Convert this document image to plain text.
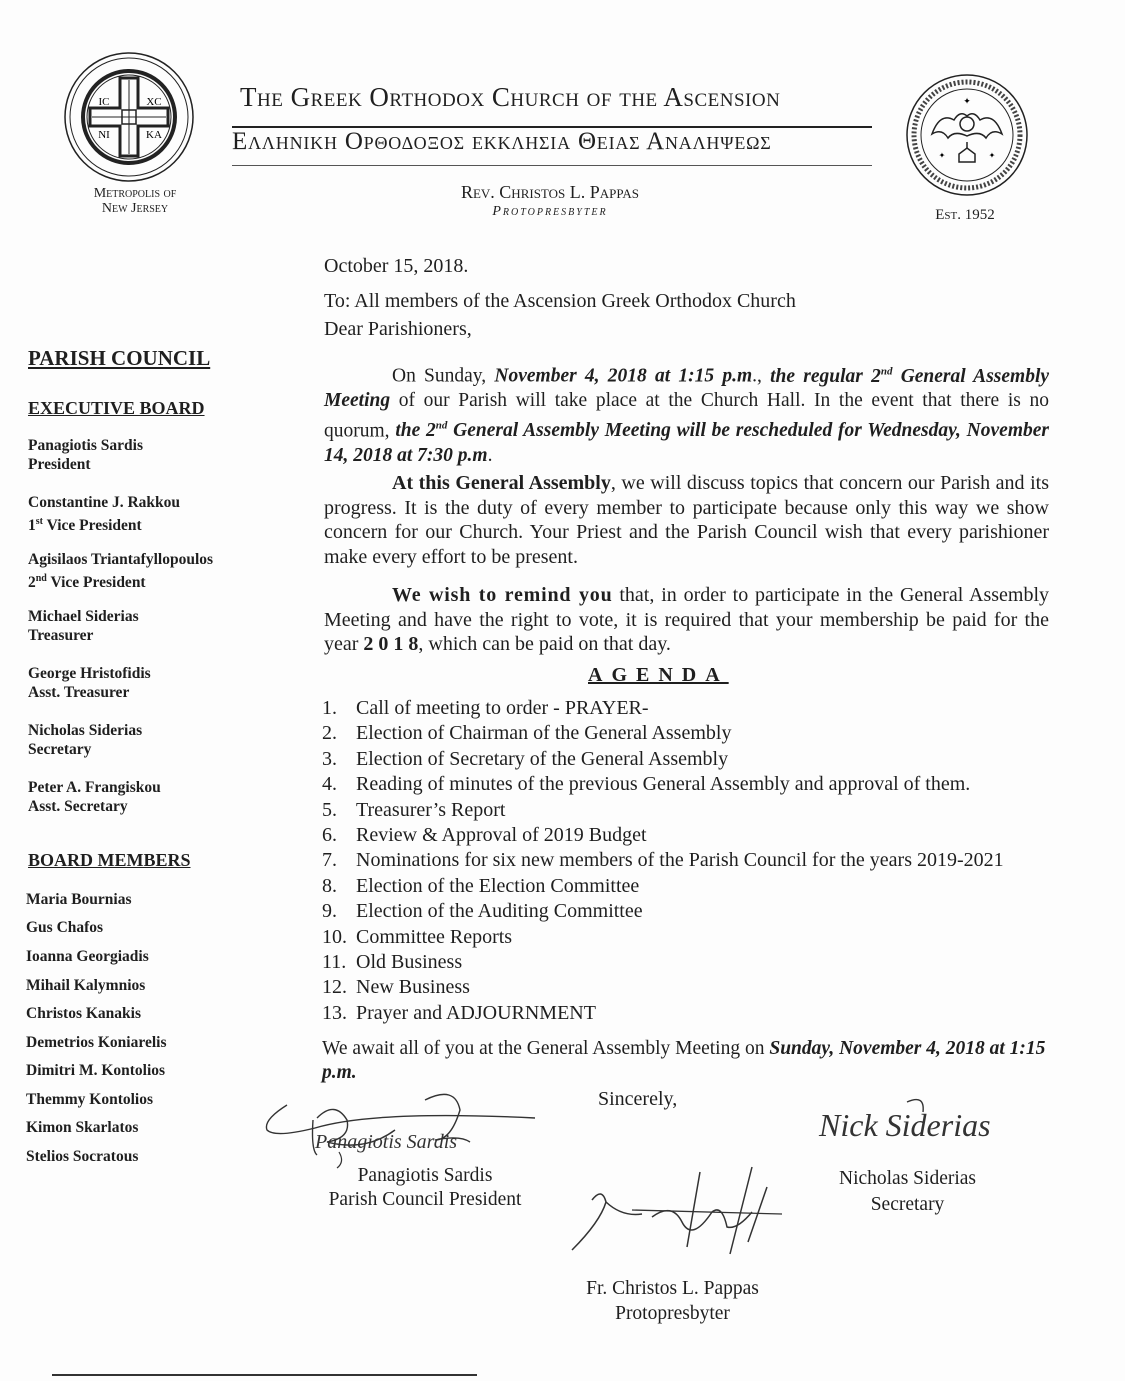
IC	XC
NI	KA
The Greek Orthodox Church of the Ascension
Ελληνικη Ορθοδοξοσ εκκλησια Θειασ Αναληψεωσ
Rev. Christos L. Pappas
Protopresbyter
Metropolis of
New Jersey
✦
✦	✦
Est. 1952
PARISH COUNCIL
EXECUTIVE BOARD
Panagiotis Sardis
President
Constantine J. Rakkou
1st Vice President
Agisilaos Triantafyllopoulos
2nd Vice President
Michael Siderias
Treasurer
George Hristofidis
Asst. Treasurer
Nicholas Siderias
Secretary
Peter A. Frangiskou
Asst. Secretary
BOARD MEMBERS
Maria Bournias
Gus Chafos
Ioanna Georgiadis
Mihail Kalymnios
Christos Kanakis
Demetrios Koniarelis
Dimitri M. Kontolios
Themmy Kontolios
Kimon Skarlatos
Stelios Socratous
October 15, 2018.
To: All members of the Ascension Greek Orthodox Church
Dear Parishioners,
On Sunday, November 4, 2018 at 1:15 p.m., the regular 2nd General Assembly Meeting of our Parish will take place at the Church Hall. In the event that there is no quorum, the 2nd General Assembly Meeting will be rescheduled for Wednesday, November 14, 2018 at 7:30 p.m.
At this General Assembly, we will discuss topics that concern our Parish and its progress. It is the duty of every member to participate because only this way we show concern for our Church. Your Priest and the Parish Council wish that every parishioner make every effort to be present.
We wish to remind you that, in order to participate in the General Assembly Meeting and have the right to vote, it is required that your membership be paid for the year 2 0 1 8, which can be paid on that day.
AGENDA
1. Call of meeting to order - PRAYER-
2. Election of Chairman of the General Assembly
3. Election of Secretary of the General Assembly
4. Reading of minutes of the previous General Assembly and approval of them.
5. Treasurer’s Report
6. Review & Approval of 2019 Budget
7. Nominations for six new members of the Parish Council for the years 2019-2021
8. Election of the Election Committee
9. Election of the Auditing Committee
10. Committee Reports
11. Old Business
12. New Business
13. Prayer and ADJOURNMENT
We await all of you at the General Assembly Meeting on Sunday, November 4, 2018 at 1:15 p.m.
Sincerely,
Panagiotis Sardis	Nick Siderias
Panagiotis Sardis
Parish Council President
Nicholas Siderias
Secretary
Fr. Christos L. Pappas
Protopresbyter
